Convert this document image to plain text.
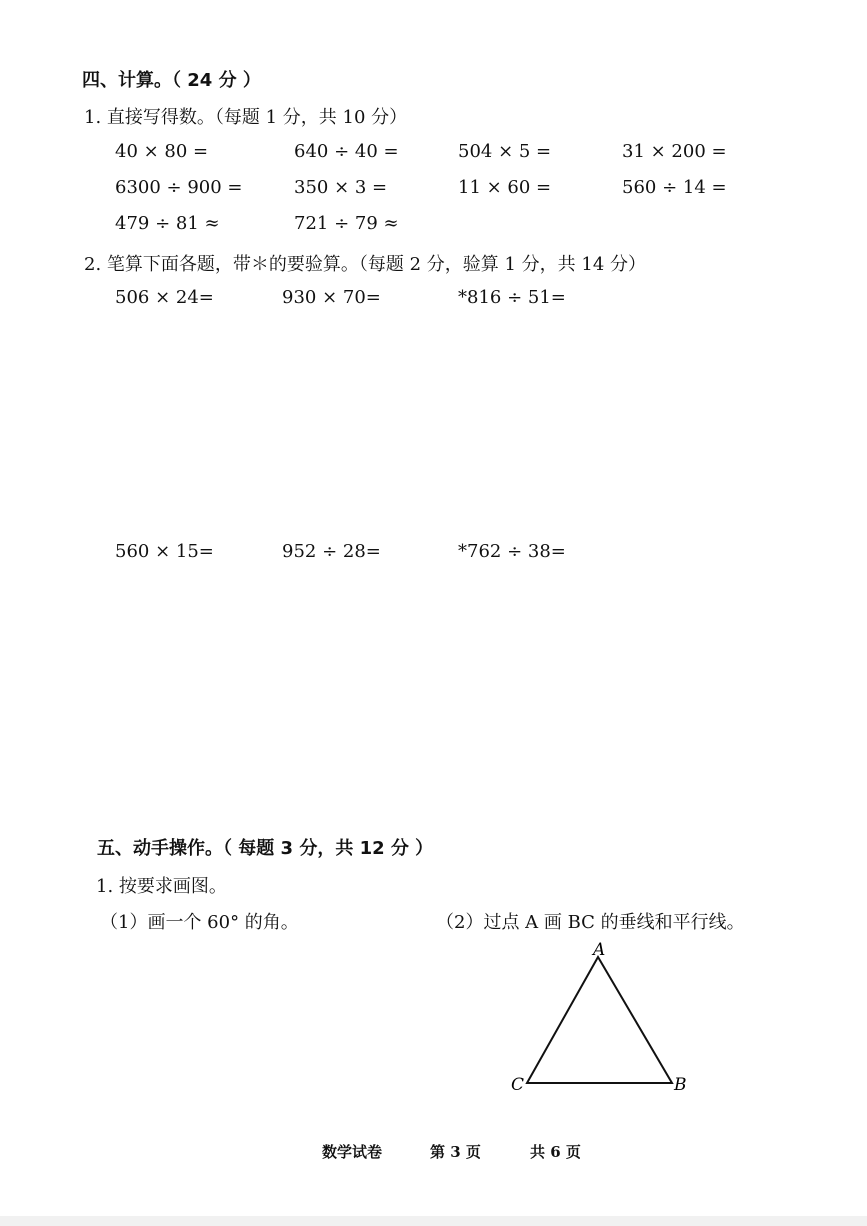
四、计算。（ 24 分 ）
1. 直接写得数。（每题 1 分，共 10 分）
40 × 80 =	640 ÷ 40 =	504 × 5 =	31 × 200 =
6300 ÷ 900 =	350 × 3 =	11 × 60 =	560 ÷ 14 =
479 ÷ 81 ≈	721 ÷ 79 ≈
2. 笔算下面各题，带＊的要验算。（每题 2 分，验算 1 分，共 14 分）
506 × 24=	930 × 70=	*816 ÷ 51=
560 × 15=	952 ÷ 28=	*762 ÷ 38=
五、动手操作。（ 每题 3 分，共 12 分 ）
1. 按要求画图。
（1）画一个 60° 的角。	（2）过点 A 画 BC 的垂线和平行线。
A
C	B
数学试卷	第 3 页	共 6 页
